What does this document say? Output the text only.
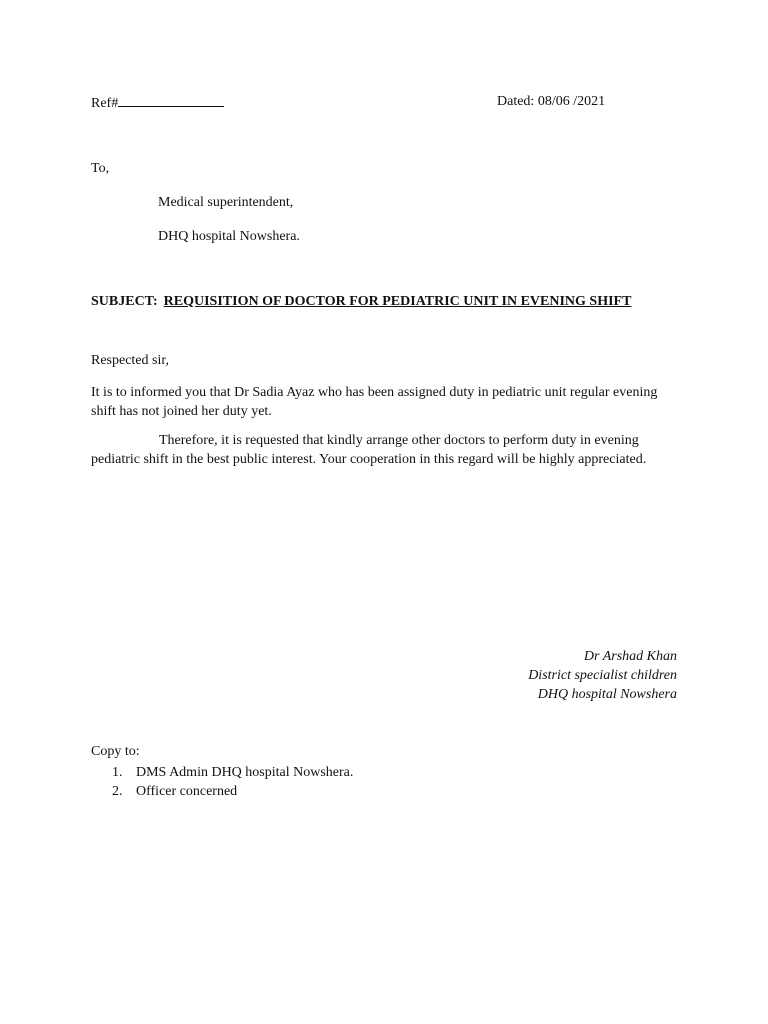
Ref#	Dated: 08/06 /2021
To,
Medical superintendent,
DHQ hospital Nowshera.
SUBJECT: REQUISITION OF DOCTOR FOR PEDIATRIC UNIT IN EVENING SHIFT
Respected sir,
It is to informed you that Dr Sadia Ayaz who has been assigned duty in pediatric unit regular evening shift has not joined her duty yet.
Therefore, it is requested that kindly arrange other doctors to perform duty in evening pediatric shift in the best public interest. Your cooperation in this regard will be highly appreciated.
Dr Arshad Khan
District specialist children
DHQ hospital Nowshera
Copy to:
1. DMS Admin DHQ hospital Nowshera.
2. Officer concerned
